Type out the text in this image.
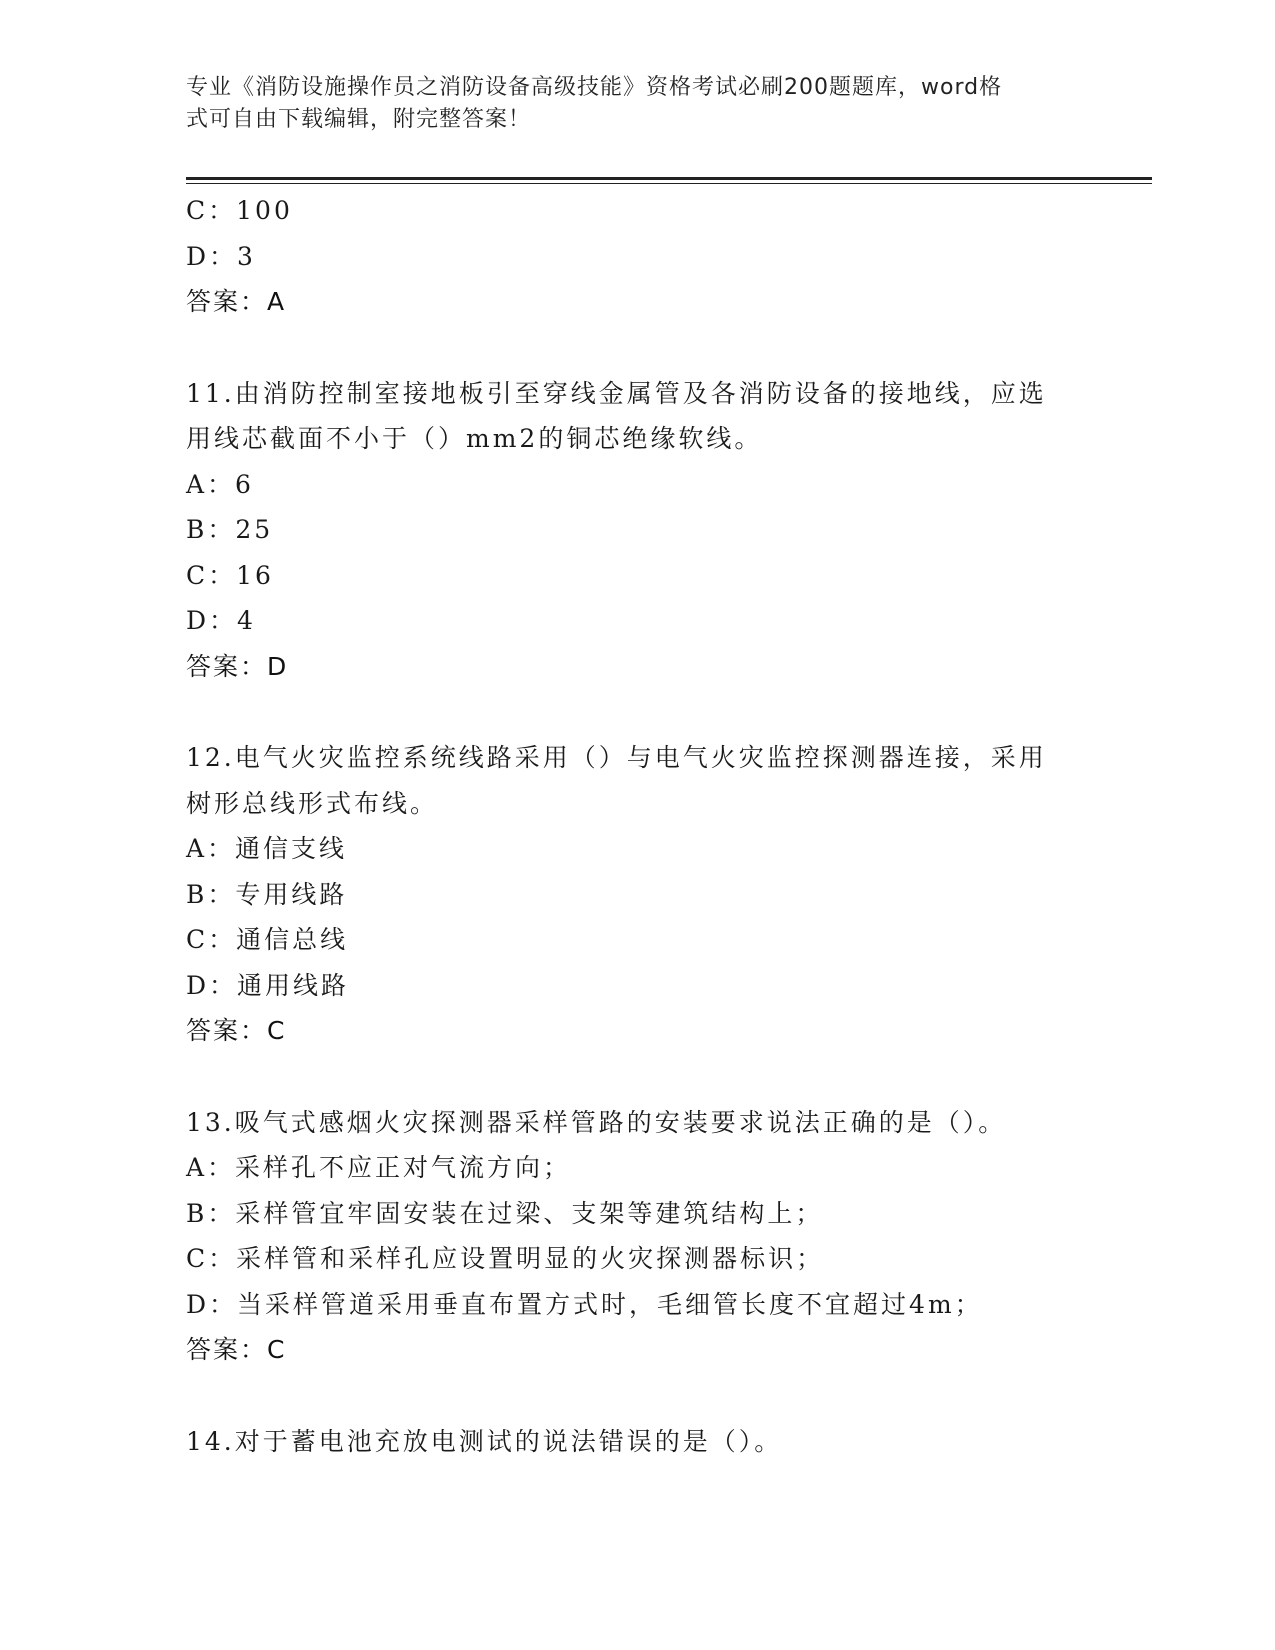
专业《消防设施操作员之消防设备高级技能》资格考试必刷200题题库，word格
式可自由下载编辑，附完整答案！
C：100
D：3
答案：A
11.由消防控制室接地板引至穿线金属管及各消防设备的接地线，应选
用线芯截面不小于（）mm2的铜芯绝缘软线。
A：6
B：25
C：16
D：4
答案：D
12.电气火灾监控系统线路采用（）与电气火灾监控探测器连接，采用
树形总线形式布线。
A：通信支线
B：专用线路
C：通信总线
D：通用线路
答案：C
13.吸气式感烟火灾探测器采样管路的安装要求说法正确的是（）。
A：采样孔不应正对气流方向；
B：采样管宜牢固安装在过梁、支架等建筑结构上；
C：采样管和采样孔应设置明显的火灾探测器标识；
D：当采样管道采用垂直布置方式时，毛细管长度不宜超过4m；
答案：C
14.对于蓄电池充放电测试的说法错误的是（）。
